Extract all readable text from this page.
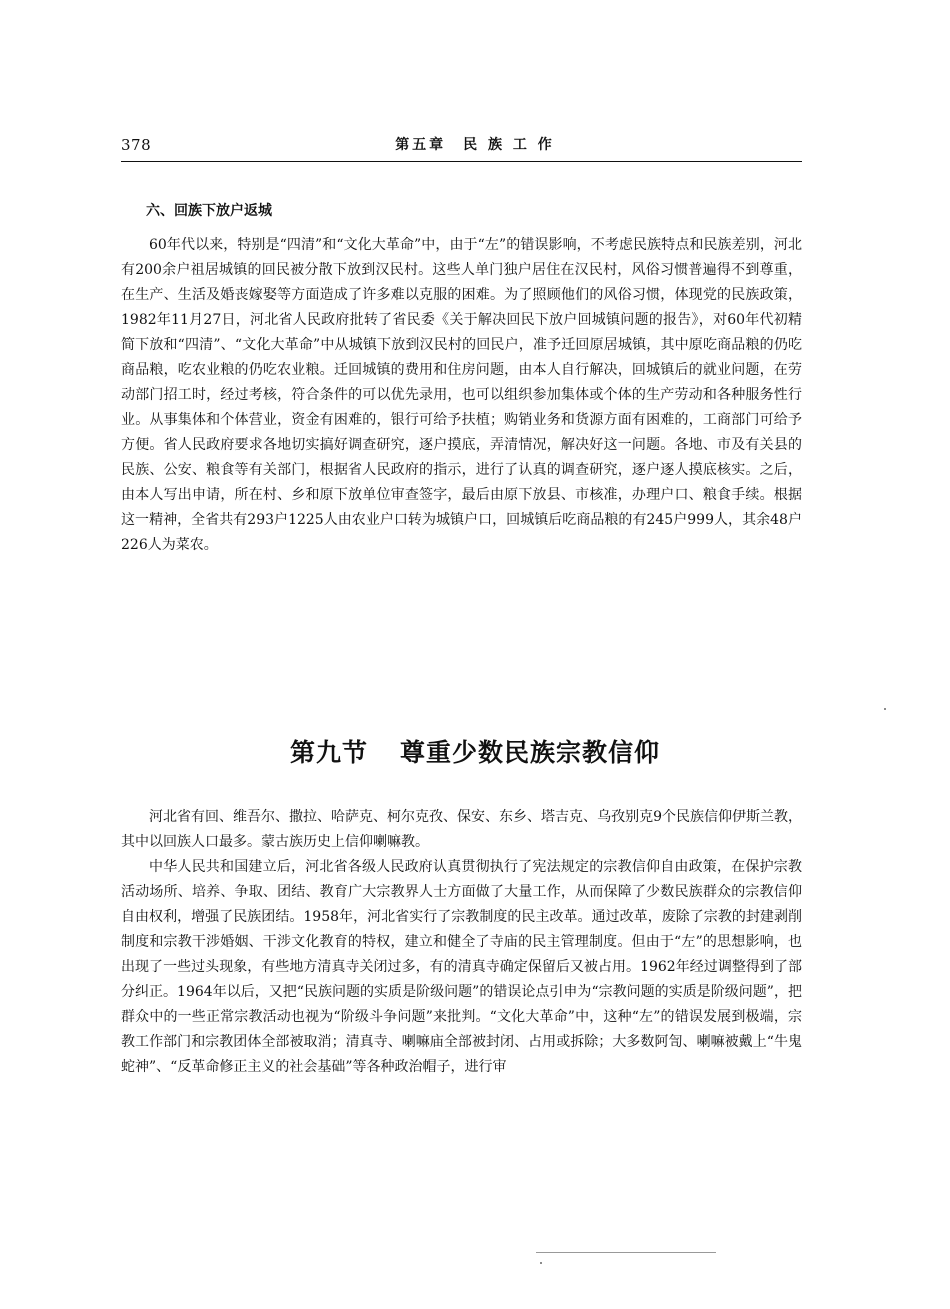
378	第五章　民 族 工 作
六、回族下放户返城

60年代以来，特别是“四清”和“文化大革命”中，由于“左”的错误影响，不考虑民族特点和民族差别，河北有200余户祖居城镇的回民被分散下放到汉民村。这些人单门独户居住在汉民村，风俗习惯普遍得不到尊重，在生产、生活及婚丧嫁娶等方面造成了许多难以克服的困难。为了照顾他们的风俗习惯，体现党的民族政策，1982年11月27日，河北省人民政府批转了省民委《关于解决回民下放户回城镇问题的报告》，对60年代初精简下放和“四清”、“文化大革命”中从城镇下放到汉民村的回民户，准予迁回原居城镇，其中原吃商品粮的仍吃商品粮，吃农业粮的仍吃农业粮。迁回城镇的费用和住房问题，由本人自行解决，回城镇后的就业问题，在劳动部门招工时，经过考核，符合条件的可以优先录用，也可以组织参加集体或个体的生产劳动和各种服务性行业。从事集体和个体营业，资金有困难的，银行可给予扶植；购销业务和货源方面有困难的，工商部门可给予方便。省人民政府要求各地切实搞好调查研究，逐户摸底，弄清情况，解决好这一问题。各地、市及有关县的民族、公安、粮食等有关部门，根据省人民政府的指示，进行了认真的调查研究，逐户逐人摸底核实。之后，由本人写出申请，所在村、乡和原下放单位审查签字，最后由原下放县、市核准，办理户口、粮食手续。根据这一精神，全省共有293户1225人由农业户口转为城镇户口，回城镇后吃商品粮的有245户999人，其余48户226人为菜农。

第九节 尊重少数民族宗教信仰

河北省有回、维吾尔、撒拉、哈萨克、柯尔克孜、保安、东乡、塔吉克、乌孜别克9个民族信仰伊斯兰教，其中以回族人口最多。蒙古族历史上信仰喇嘛教。

中华人民共和国建立后，河北省各级人民政府认真贯彻执行了宪法规定的宗教信仰自由政策，在保护宗教活动场所、培养、争取、团结、教育广大宗教界人士方面做了大量工作，从而保障了少数民族群众的宗教信仰自由权利，增强了民族团结。1958年，河北省实行了宗教制度的民主改革。通过改革，废除了宗教的封建剥削制度和宗教干涉婚姻、干涉文化教育的特权，建立和健全了寺庙的民主管理制度。但由于“左”的思想影响，也出现了一些过头现象，有些地方清真寺关闭过多，有的清真寺确定保留后又被占用。1962年经过调整得到了部分纠正。1964年以后，又把“民族问题的实质是阶级问题”的错误论点引申为“宗教问题的实质是阶级问题”，把群众中的一些正常宗教活动也视为“阶级斗争问题”来批判。“文化大革命”中，这种“左”的错误发展到极端，宗教工作部门和宗教团体全部被取消；清真寺、喇嘛庙全部被封闭、占用或拆除；大多数阿訇、喇嘛被戴上“牛鬼蛇神”、“反革命修正主义的社会基础”等各种政治帽子，进行审
